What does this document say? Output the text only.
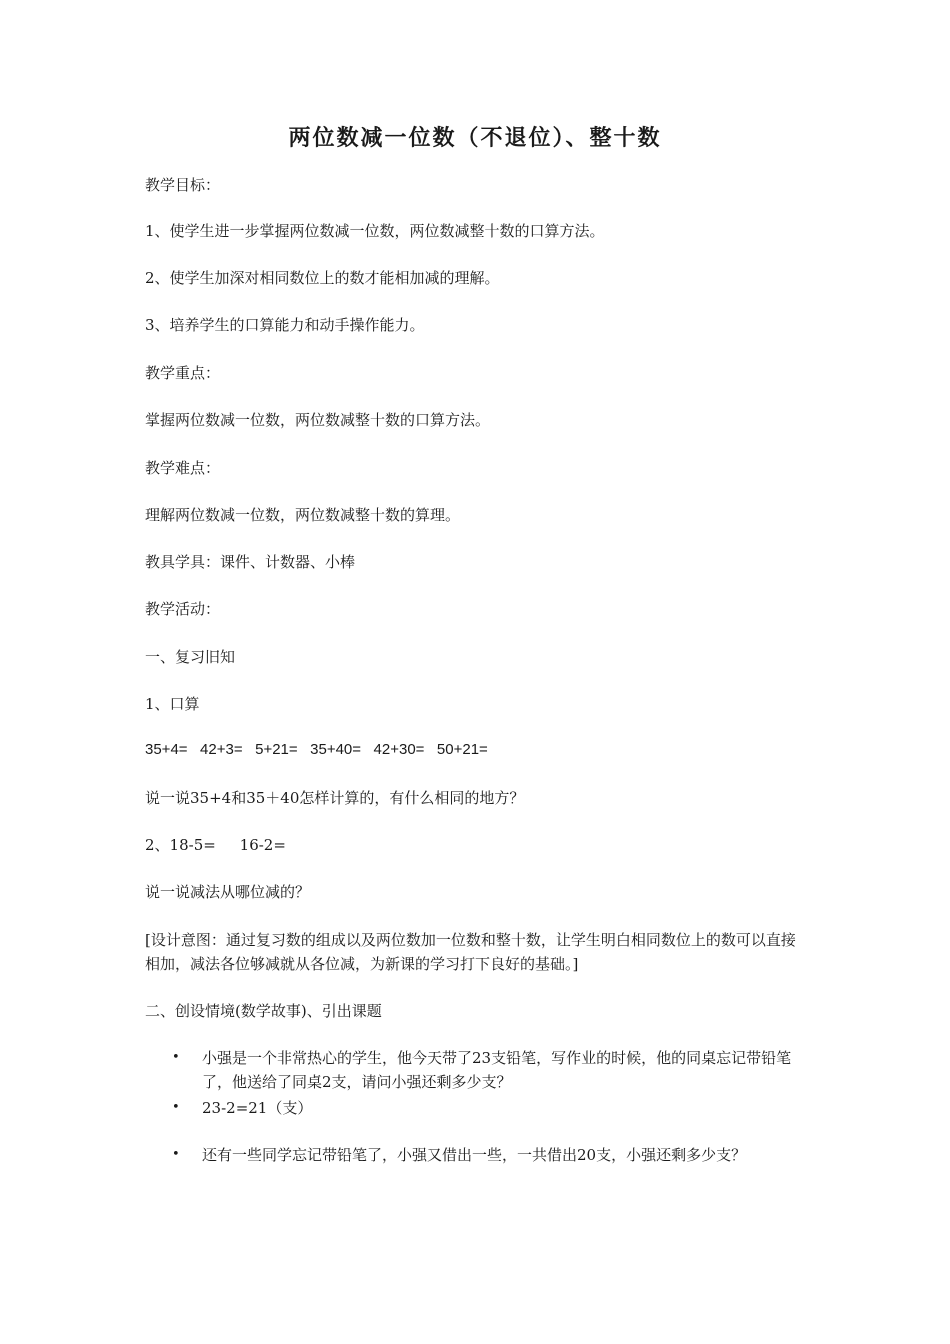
两位数减一位数（不退位）、整十数
教学目标：
1、使学生进一步掌握两位数减一位数，两位数减整十数的口算方法。
2、使学生加深对相同数位上的数才能相加减的理解。
3、培养学生的口算能力和动手操作能力。
教学重点：
掌握两位数减一位数，两位数减整十数的口算方法。
教学难点：
理解两位数减一位数，两位数减整十数的算理。
教具学具：课件、计数器、小棒
教学活动：
一、复习旧知
1、口算
35+4=   42+3=   5+21=   35+40=   42+30=   50+21=
说一说35+4和35＋40怎样计算的，有什么相同的地方？
2、18-5=     16-2=
说一说减法从哪位减的？
[设计意图：通过复习数的组成以及两位数加一位数和整十数，让学生明白相同数位上的数可以直接相加，减法各位够减就从各位减，为新课的学习打下良好的基础。]
二、创设情境(数学故事)、引出课题
• 小强是一个非常热心的学生，他今天带了23支铅笔，写作业的时候，他的同桌忘记带铅笔了，他送给了同桌2支，请问小强还剩多少支？
• 23-2=21（支）
• 还有一些同学忘记带铅笔了，小强又借出一些，一共借出20支，小强还剩多少支？
